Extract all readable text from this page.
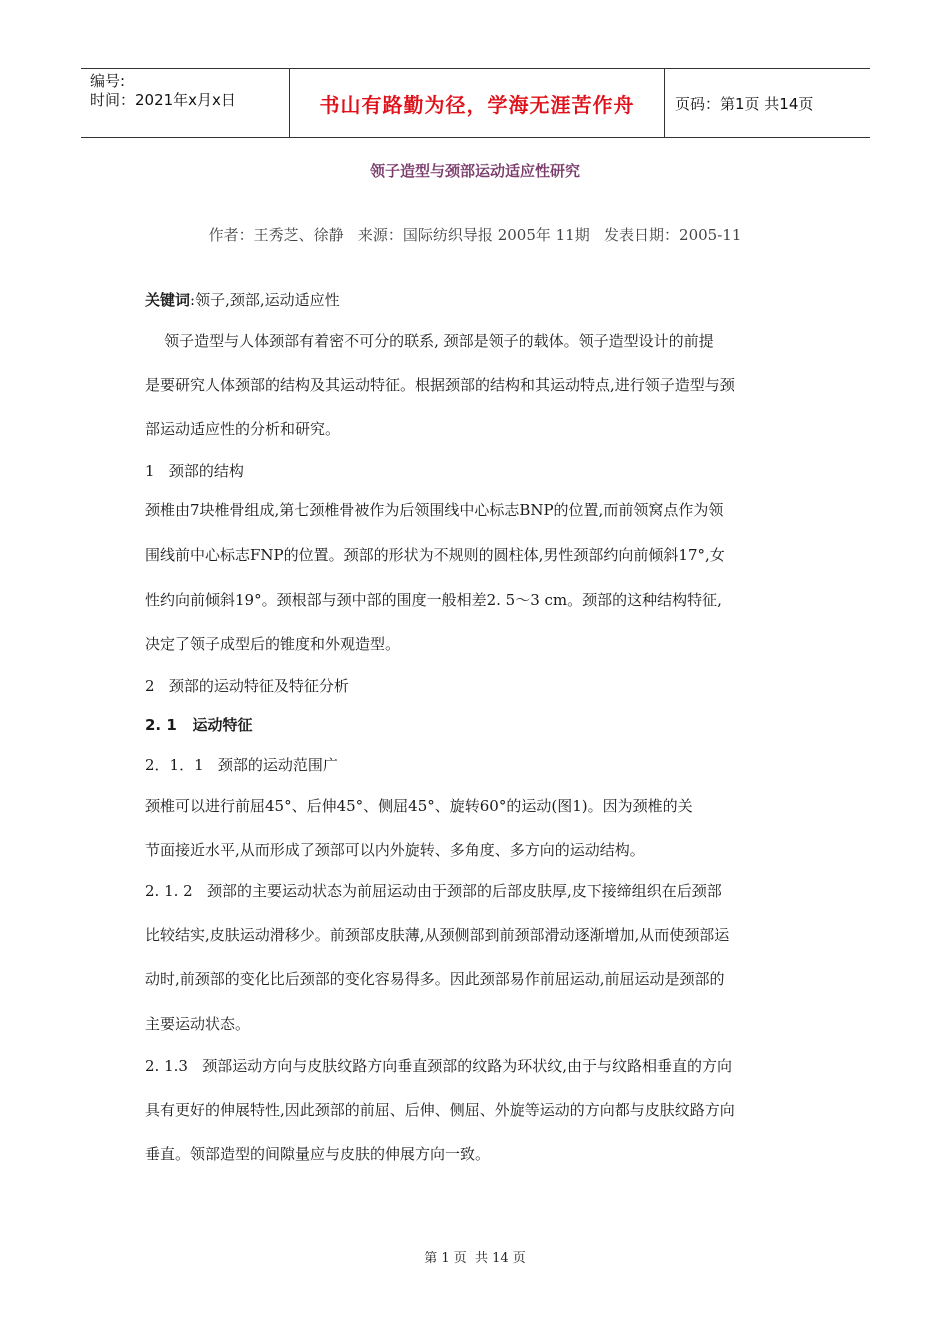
编号:
时间：2021年x月x日	书山有路勤为径，学海无涯苦作舟	页码：第1页 共14页
领子造型与颈部运动适应性研究
作者：王秀芝、徐静   来源：国际纺织导报 2005年 11期   发表日期：2005-11
关键词:领子,颈部,运动适应性
领子造型与人体颈部有着密不可分的联系, 颈部是领子的载体。领子造型设计的前提
是要研究人体颈部的结构及其运动特征。根据颈部的结构和其运动特点,进行领子造型与颈
部运动适应性的分析和研究。
1   颈部的结构
颈椎由7块椎骨组成,第七颈椎骨被作为后领围线中心标志BNP的位置,而前领窝点作为领
围线前中心标志FNP的位置。颈部的形状为不规则的圆柱体,男性颈部约向前倾斜17°,女
性约向前倾斜19°。颈根部与颈中部的围度一般相差2. 5～3 cm。颈部的这种结构特征,
决定了领子成型后的锥度和外观造型。
2   颈部的运动特征及特征分析
2. 1   运动特征
2．1．1   颈部的运动范围广
颈椎可以进行前屈45°、后伸45°、侧屈45°、旋转60°的运动(图1)。因为颈椎的关
节面接近水平,从而形成了颈部可以内外旋转、多角度、多方向的运动结构。
2. 1. 2   颈部的主要运动状态为前屈运动由于颈部的后部皮肤厚,皮下接缔组织在后颈部
比较结实,皮肤运动滑移少。前颈部皮肤薄,从颈侧部到前颈部滑动逐渐增加,从而使颈部运
动时,前颈部的变化比后颈部的变化容易得多。因此颈部易作前屈运动,前屈运动是颈部的
主要运动状态。
2. 1.3   颈部运动方向与皮肤纹路方向垂直颈部的纹路为环状纹,由于与纹路相垂直的方向
具有更好的伸展特性,因此颈部的前屈、后伸、侧屈、外旋等运动的方向都与皮肤纹路方向
垂直。领部造型的间隙量应与皮肤的伸展方向一致。
第 1 页  共 14 页
